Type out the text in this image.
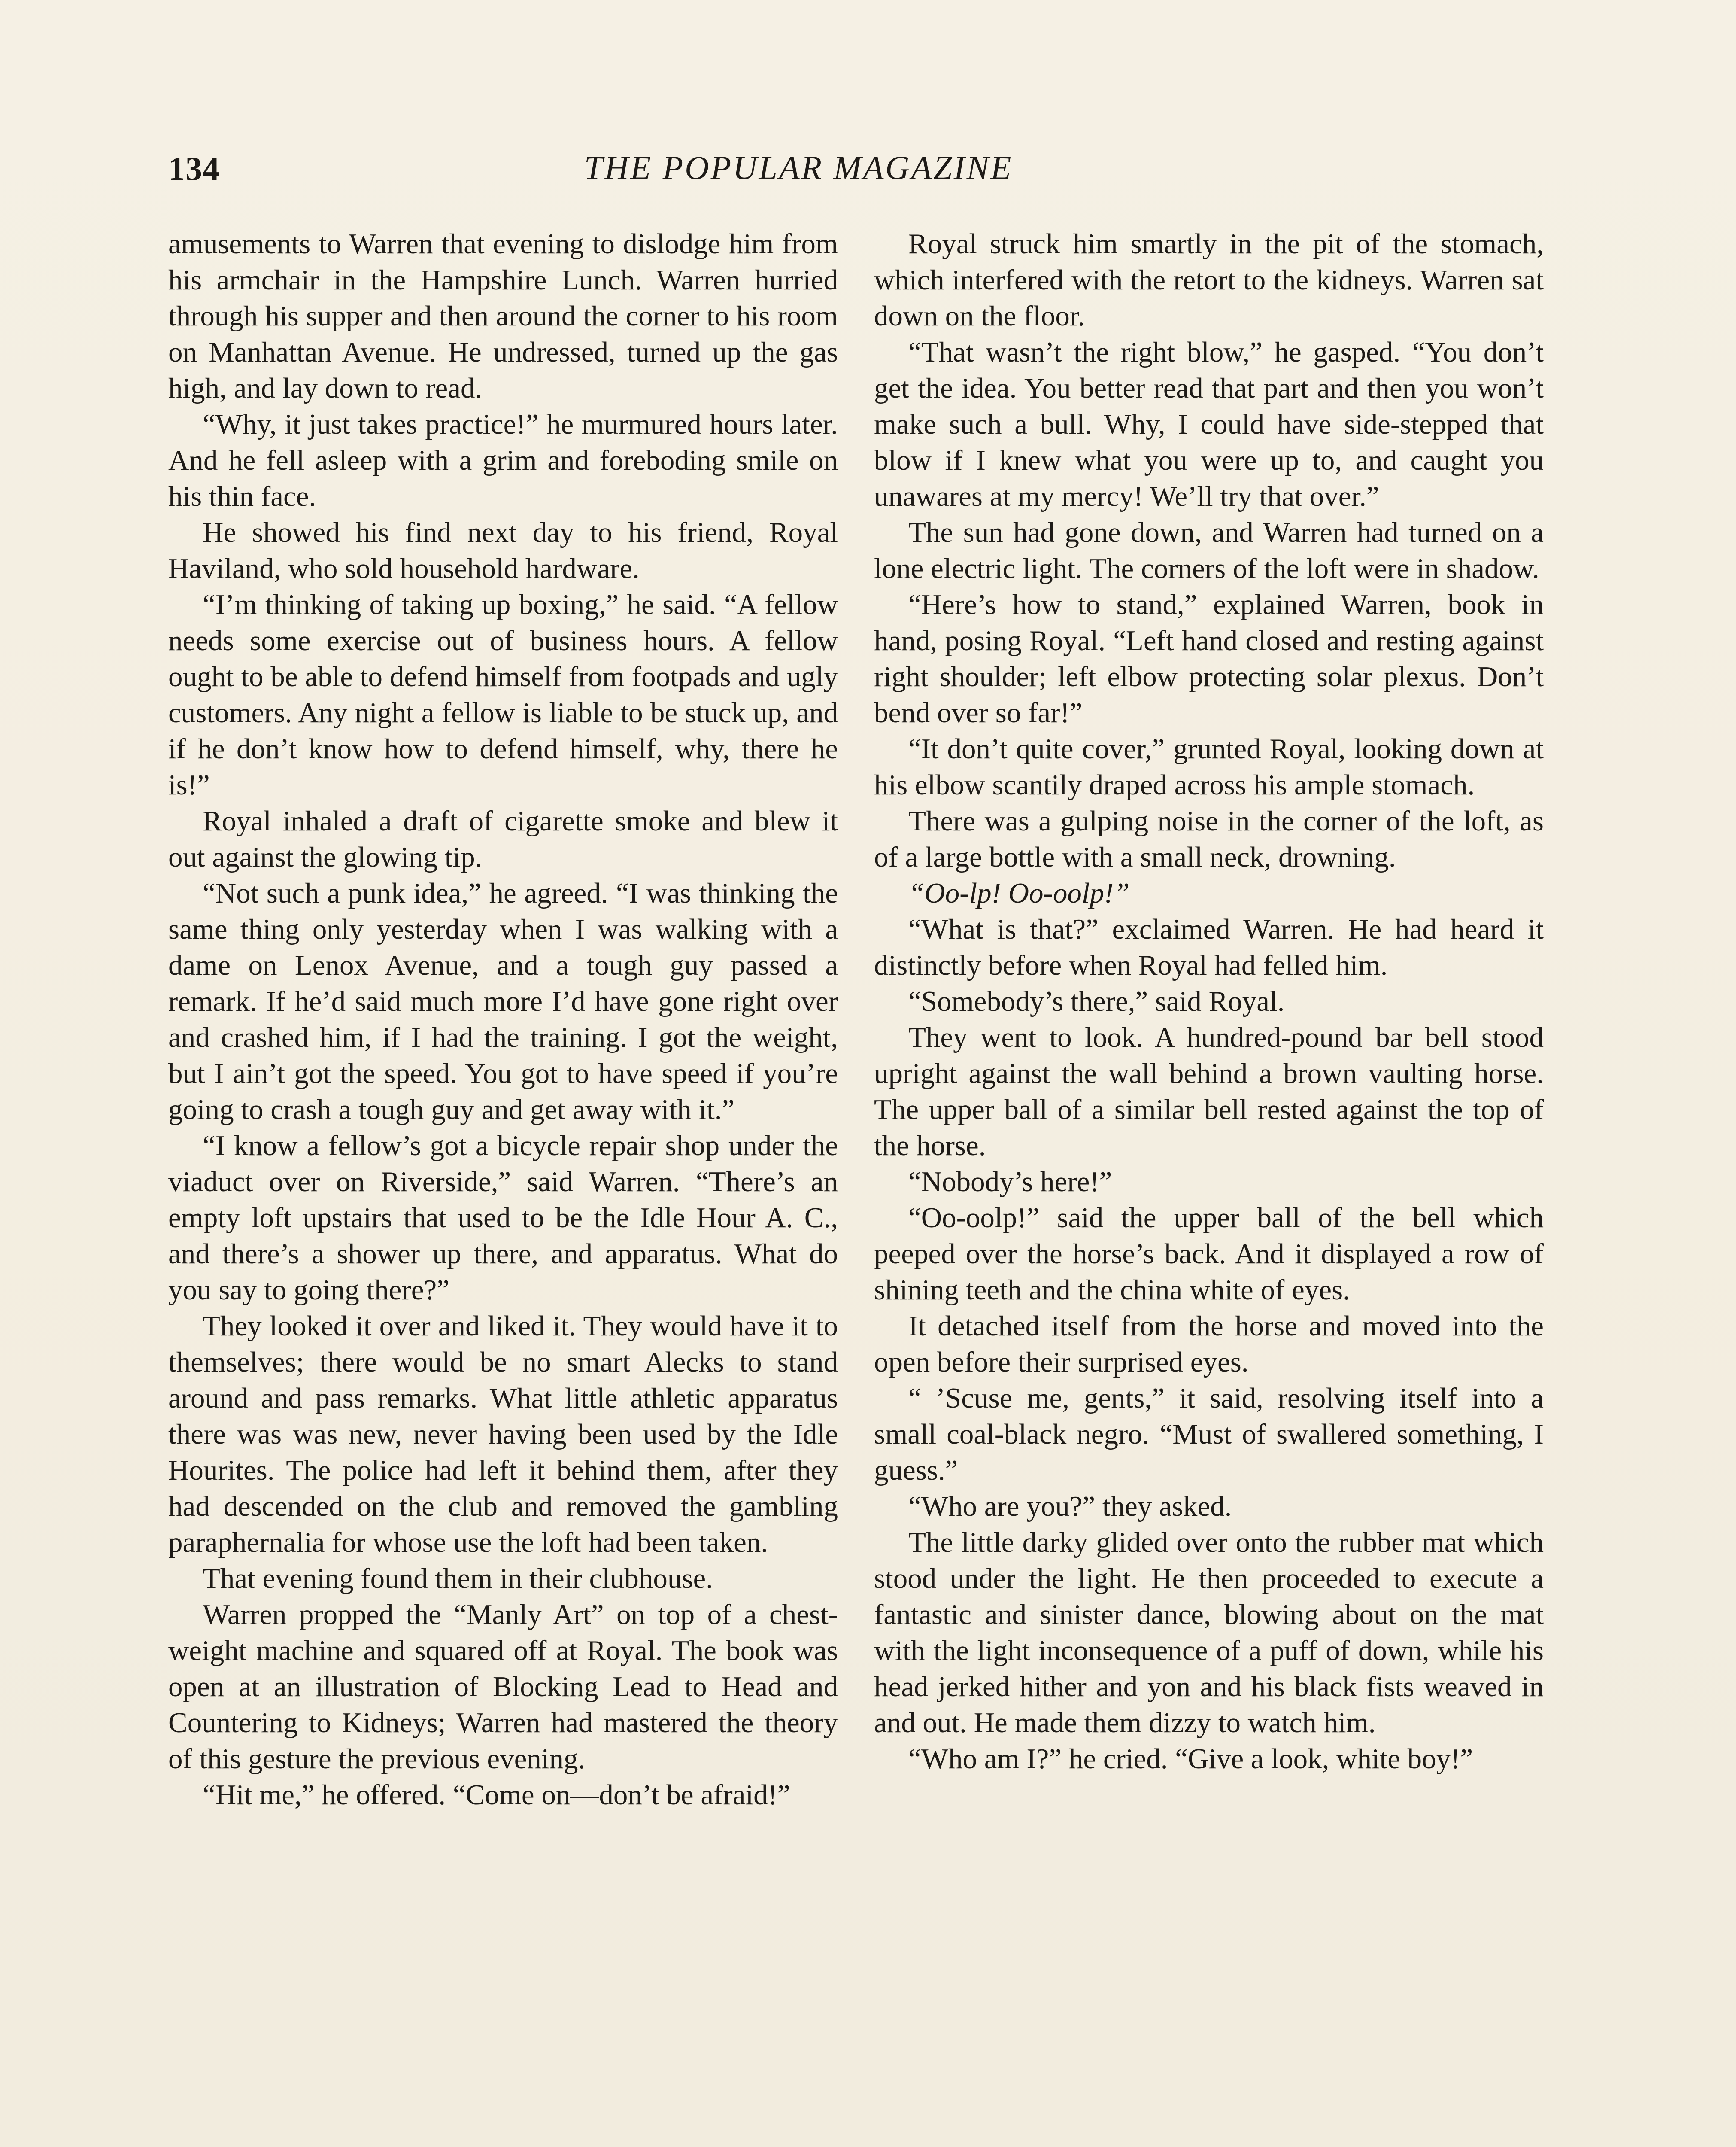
134	THE POPULAR MAGAZINE

amusements to Warren that evening to dislodge him from his armchair in the Hampshire Lunch. Warren hurried through his supper and then around the corner to his room on Manhattan Avenue. He undressed, turned up the gas high, and lay down to read.

“Why, it just takes practice!” he murmured hours later. And he fell asleep with a grim and foreboding smile on his thin face.

He showed his find next day to his friend, Royal Haviland, who sold household hardware.

“I’m thinking of taking up boxing,” he said. “A fellow needs some exercise out of business hours. A fellow ought to be able to defend himself from footpads and ugly customers. Any night a fellow is liable to be stuck up, and if he don’t know how to defend himself, why, there he is!”

Royal inhaled a draft of cigarette smoke and blew it out against the glowing tip.

“Not such a punk idea,” he agreed. “I was thinking the same thing only yesterday when I was walking with a dame on Lenox Avenue, and a tough guy passed a remark. If he’d said much more I’d have gone right over and crashed him, if I had the training. I got the weight, but I ain’t got the speed. You got to have speed if you’re going to crash a tough guy and get away with it.”

“I know a fellow’s got a bicycle repair shop under the viaduct over on Riverside,” said Warren. “There’s an empty loft upstairs that used to be the Idle Hour A. C., and there’s a shower up there, and apparatus. What do you say to going there?”

They looked it over and liked it. They would have it to themselves; there would be no smart Alecks to stand around and pass remarks. What little athletic apparatus there was was new, never having been used by the Idle Hourites. The police had left it behind them, after they had descended on the club and removed the gambling paraphernalia for whose use the loft had been taken.

That evening found them in their clubhouse.

Warren propped the “Manly Art” on top of a chest-weight machine and squared off at Royal. The book was open at an illustration of Blocking Lead to Head and Countering to Kidneys; Warren had mastered the theory of this gesture the previous evening.

“Hit me,” he offered. “Come on—don’t be afraid!”

Royal struck him smartly in the pit of the stomach, which interfered with the retort to the kidneys. Warren sat down on the floor.

“That wasn’t the right blow,” he gasped. “You don’t get the idea. You better read that part and then you won’t make such a bull. Why, I could have side-stepped that blow if I knew what you were up to, and caught you unawares at my mercy! We’ll try that over.”

The sun had gone down, and Warren had turned on a lone electric light. The corners of the loft were in shadow.

“Here’s how to stand,” explained Warren, book in hand, posing Royal. “Left hand closed and resting against right shoulder; left elbow protecting solar plexus. Don’t bend over so far!”

“It don’t quite cover,” grunted Royal, looking down at his elbow scantily draped across his ample stomach.

There was a gulping noise in the corner of the loft, as of a large bottle with a small neck, drowning.

“Oo-lp! Oo-oolp!”

“What is that?” exclaimed Warren. He had heard it distinctly before when Royal had felled him.

“Somebody’s there,” said Royal.

They went to look. A hundred-pound bar bell stood upright against the wall behind a brown vaulting horse. The upper ball of a similar bell rested against the top of the horse.

“Nobody’s here!”

“Oo-oolp!” said the upper ball of the bell which peeped over the horse’s back. And it displayed a row of shining teeth and the china white of eyes.

It detached itself from the horse and moved into the open before their surprised eyes.

“ ’Scuse me, gents,” it said, resolving itself into a small coal-black negro. “Must of swallered something, I guess.”

“Who are you?” they asked.

The little darky glided over onto the rubber mat which stood under the light. He then proceeded to execute a fantastic and sinister dance, blowing about on the mat with the light inconsequence of a puff of down, while his head jerked hither and yon and his black fists weaved in and out. He made them dizzy to watch him.

“Who am I?” he cried. “Give a look, white boy!”
